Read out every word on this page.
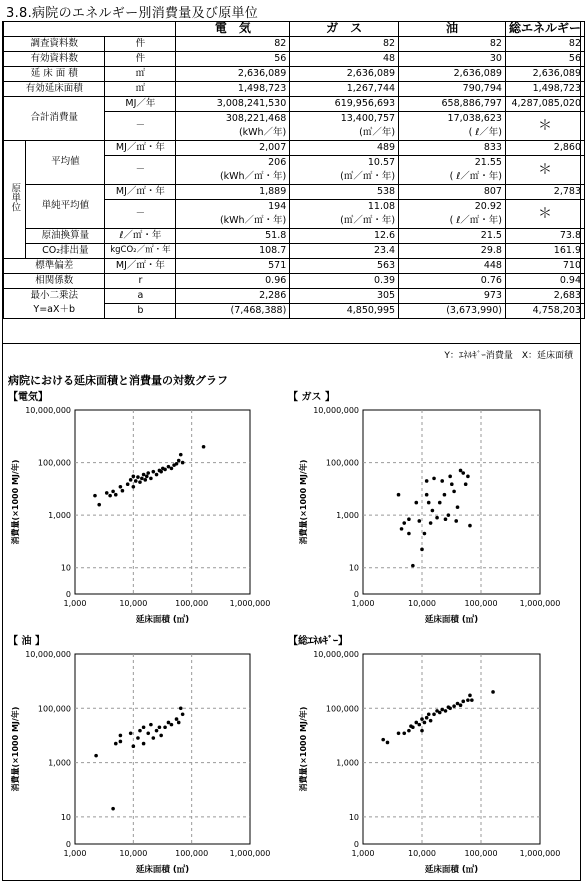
3.8.病院のエネルギー別消費量及び原単位
			電　気	ガ　ス	油	総エネルギー
調査資料数		件	82	82	82	82
有効資料数		件	56	48	30	56
延 床 面 積		㎡	2,636,089	2,636,089	2,636,089	2,636,089
有効延床面積		㎡	1,498,723	1,267,744	790,794	1,498,723
合計消費量		MJ／年	3,008,241,530	619,956,693	658,886,797	4,287,085,020
		－	308,221,468	13,400,757	17,038,623	＊
			(kWh／年)	(㎥／年)	( ℓ／年)	
原単位	平均値	MJ／㎡・年	2,007	489	833	2,860
		－	206	10.57	21.55	＊
			(kWh／㎡・年)	(㎥／㎡・年)	( ℓ／㎡・年)	
	単純平均値	MJ／㎡・年	1,889	538	807	2,783
		－	194	11.08	20.92	＊
			(kWh／㎡・年)	(㎥／㎡・年)	( ℓ／㎡・年)	
	原油換算量	ℓ／㎡・年	51.8	12.6	21.5	73.8
	CO₂排出量	kgCO₂／㎡・年	108.7	23.4	29.8	161.9
標準偏差		MJ／㎡・年	571	563	448	710
相関係数		r	0.96	0.39	0.76	0.94
最小二乗法		a	2,286	305	973	2,683
Y=aX＋b		b	(7,468,388)	4,850,995	(3,673,990)	4,758,203
Y：ｴﾈﾙｷﾞｰ消費量　X：延床面積
病院における延床面積と消費量の対数グラフ
【電気】	【 ガス 】
【 油 】	【総ｴﾈﾙｷﾞｰ】
1,000	10,000	100,000	1,000,000
0
10
1,000
100,000
10,000,000
延床面積 (㎡)
消費量(×1000 MJ/年)
1,000	10,000	100,000	1,000,000
0
10
1,000
100,000
10,000,000
延床面積 (㎡)
消費量(×1000 MJ/年)
1,000	10,000	100,000	1,000,000
0
10
1,000
100,000
10,000,000
延床面積 (㎡)
消費量(×1000 MJ/年)
1,000	10,000	100,000	1,000,000
0
10
1,000
100,000
10,000,000
延床面積 (㎡)
消費量(×1000 MJ/年)
